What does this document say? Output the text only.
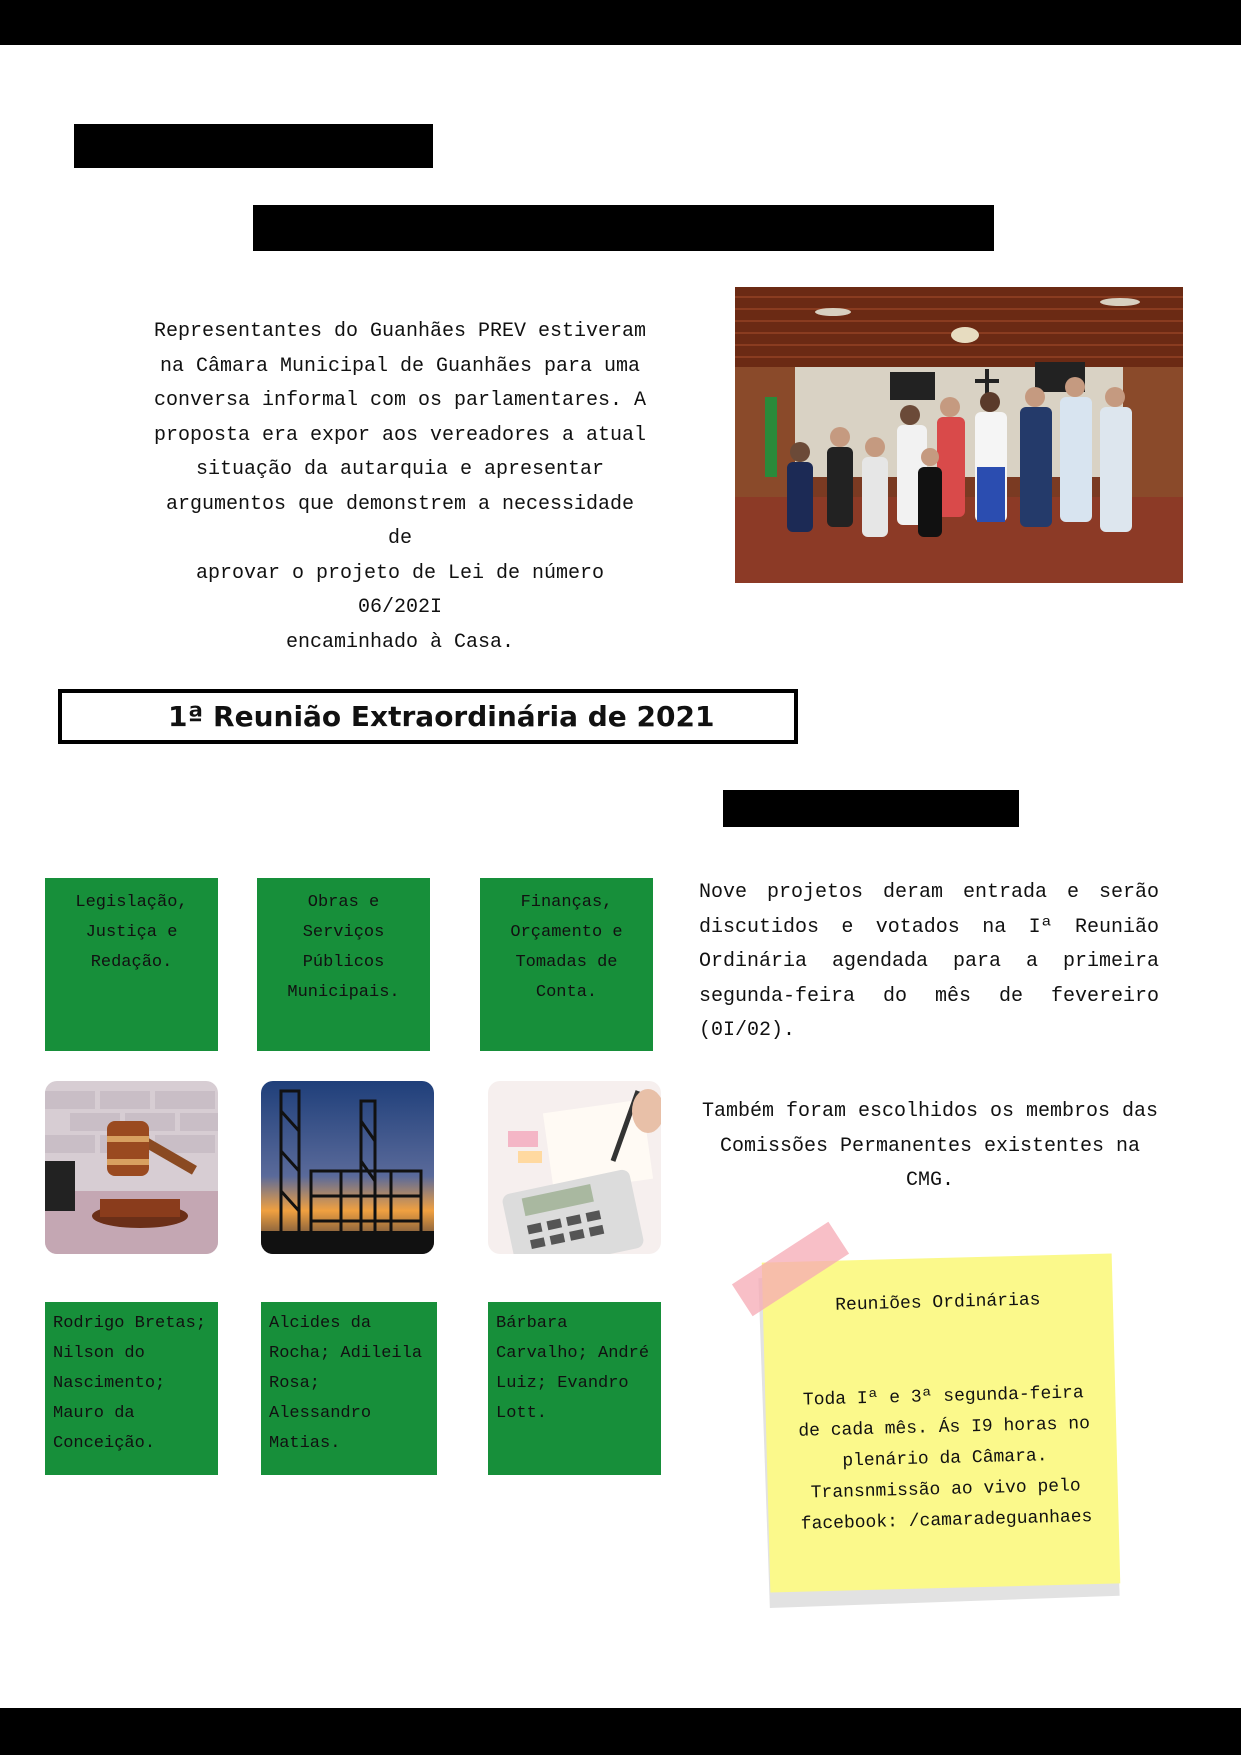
Representantes do Guanhães PREV estiveram
na Câmara Municipal de Guanhães para uma
conversa informal com os parlamentares. A
proposta era expor aos vereadores a atual
situação da autarquia e apresentar
argumentos que demonstrem a necessidade de
aprovar o projeto de Lei de número 06/202I
encaminhado à Casa.
1ª Reunião Extraordinária de 2021
Legislação, Justiça e Redação.
Obras e Serviços Públicos Municipais.
Finanças, Orçamento e Tomadas de Conta.
Rodrigo Bretas; Nilson do Nascimento; Mauro da Conceição.
Alcides da Rocha; Adileila Rosa; Alessandro Matias.
Bárbara Carvalho; André Luiz; Evandro Lott.
Nove projetos deram entrada e serão discutidos e votados na Iª Reunião Ordinária agendada para a primeira segunda-feira do mês de fevereiro (0I/02).
Também foram escolhidos os membros das Comissões Permanentes existentes na CMG.
Reuniões Ordinárias
Toda Iª e 3ª segunda-feira de cada mês. Ás I9 horas no plenário da Câmara. Transnmissão ao vivo pelo facebook: /camaradeguanhaes
